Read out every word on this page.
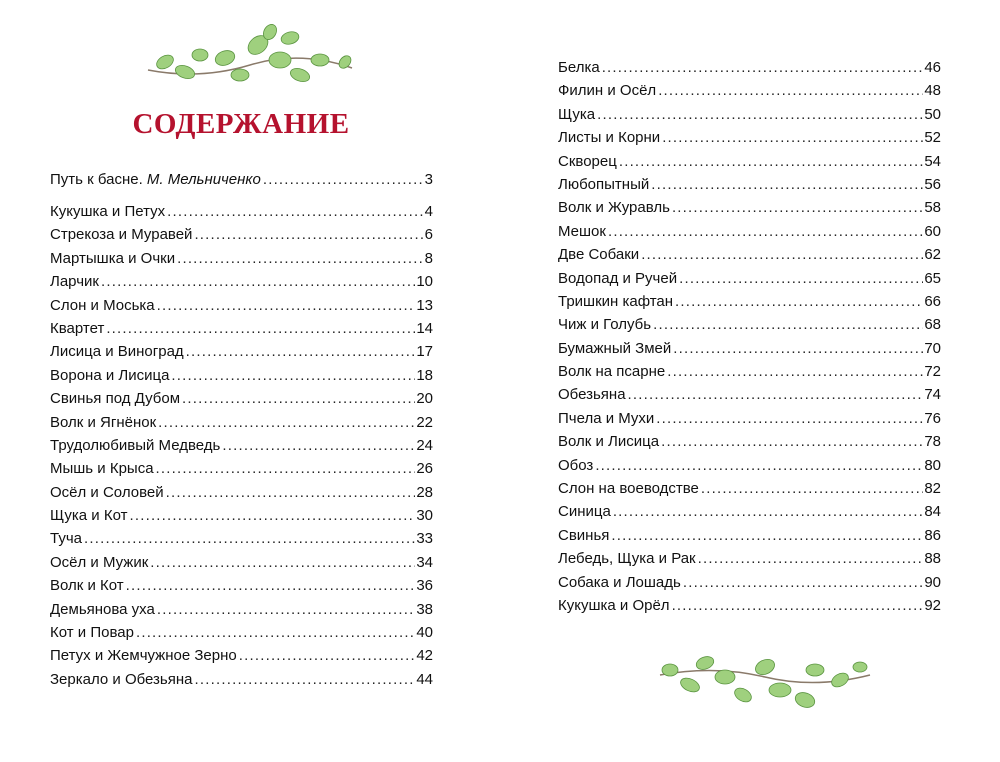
СОДЕРЖАНИЕ
Путь к басне. М. Мельниченко .....	3
Кукушка и Петух .....	4
Стрекоза и Муравей .....	6
Мартышка и Очки .....	8
Ларчик .....	10
Слон и Моська .....	13
Квартет .....	14
Лисица и Виноград .....	17
Ворона и Лисица .....	18
Свинья под Дубом .....	20
Волк и Ягнёнок .....	22
Трудолюбивый Медведь .....	24
Мышь и Крыса .....	26
Осёл и Соловей .....	28
Щука и Кот .....	30
Туча .....	33
Осёл и Мужик .....	34
Волк и Кот .....	36
Демьянова уха .....	38
Кот и Повар .....	40
Петух и Жемчужное Зерно .....	42
Зеркало и Обезьяна .....	44
Белка .....	46
Филин и Осёл .....	48
Щука .....	50
Листы и Корни .....	52
Скворец .....	54
Любопытный .....	56
Волк и Журавль .....	58
Мешок .....	60
Две Собаки .....	62
Водопад и Ручей .....	65
Тришкин кафтан .....	66
Чиж и Голубь .....	68
Бумажный Змей .....	70
Волк на псарне .....	72
Обезьяна .....	74
Пчела и Мухи .....	76
Волк и Лисица .....	78
Обоз .....	80
Слон на воеводстве .....	82
Синица .....	84
Свинья .....	86
Лебедь, Щука и Рак .....	88
Собака и Лошадь .....	90
Кукушка и Орёл .....	92
